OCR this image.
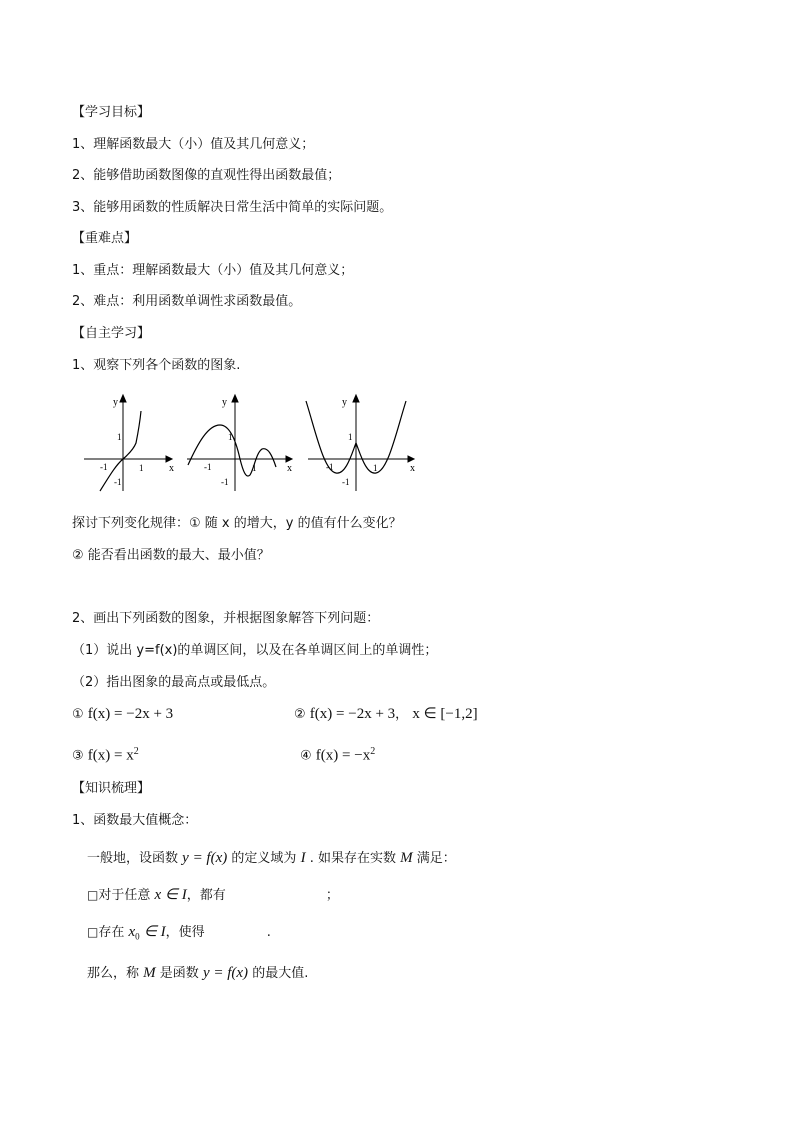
【学习目标】
1、理解函数最大（小）值及其几何意义；
2、能够借助函数图像的直观性得出函数最值；
3、能够用函数的性质解决日常生活中简单的实际问题。
【重难点】
1、重点：理解函数最大（小）值及其几何意义；
2、难点：利用函数单调性求函数最值。
【自主学习】
1、观察下列各个函数的图象.
y
x
1
1
-1
-1
y
x
1
1
-1
-1
y
x
1
1
-1
-1
探讨下列变化规律：① 随 x 的增大，y 的值有什么变化？
② 能否看出函数的最大、最小值？
2、画出下列函数的图象，并根据图象解答下列问题：
（1）说出 y=f(x)的单调区间，以及在各单调区间上的单调性；
（2）指出图象的最高点或最低点。
① f(x) = −2x + 3	② f(x) = −2x + 3， x ∈ [−1,2]
③ $f(x) = x^2$	④ $f(x) = -x^2$
【知识梳理】
1、函数最大值概念：
一般地，设函数 y = f(x) 的定义域为 I . 如果存在实数 M 满足：
□对于任意 x ∈ I，都有	；
□存在 $x_0$ ∈ I，使得	.
那么，称 M 是函数 y = f(x) 的最大值.
